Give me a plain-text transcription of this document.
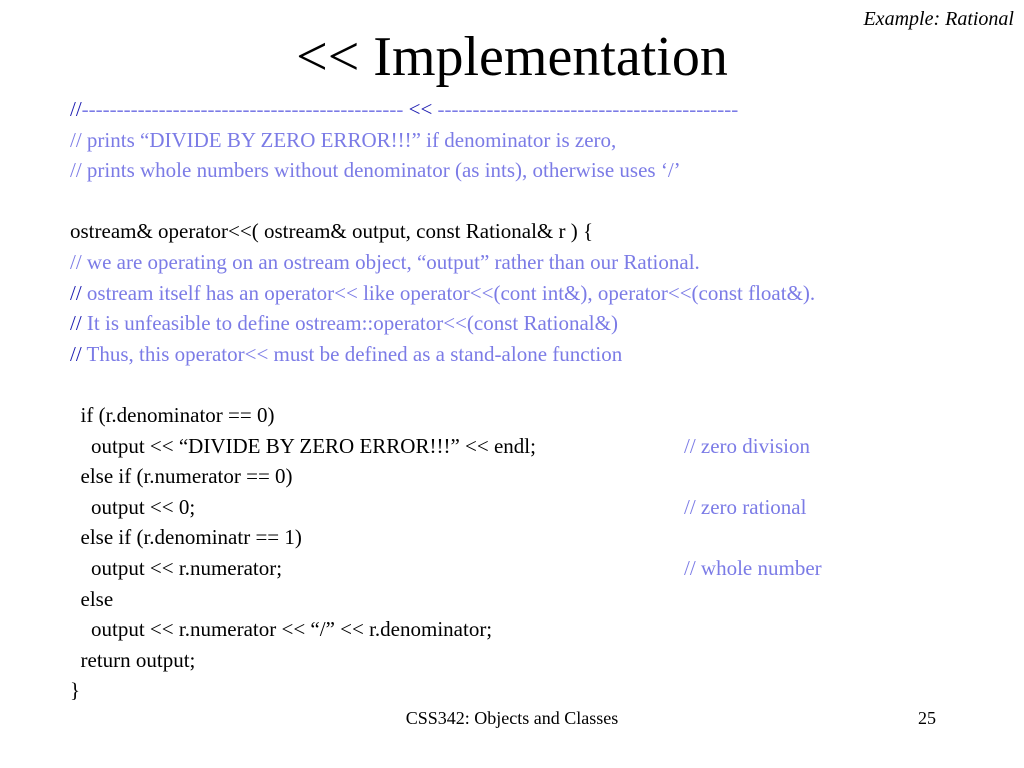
Example: Rational
<< Implementation
//---------------------------------------------- << -------------------------------------------
// prints “DIVIDE BY ZERO ERROR!!!” if denominator is zero,
// prints whole numbers without denominator (as ints), otherwise uses ‘/’
ostream& operator<<( ostream& output, const Rational& r ) {
// we are operating on an ostream object, “output” rather than our Rational.
// ostream itself has an operator<< like operator<<(cont int&), operator<<(const float&).
// It is unfeasible to define ostream::operator<<(const Rational&)
// Thus, this operator<< must be defined as a stand-alone function
if (r.denominator == 0)
output << “DIVIDE BY ZERO ERROR!!!” << endl;	// zero division
else if (r.numerator == 0)
output << 0;	// zero rational
else if (r.denominatr == 1)
output << r.numerator;	// whole number
else
output << r.numerator << “/” << r.denominator;
return output;
}
CSS342: Objects and Classes	25
